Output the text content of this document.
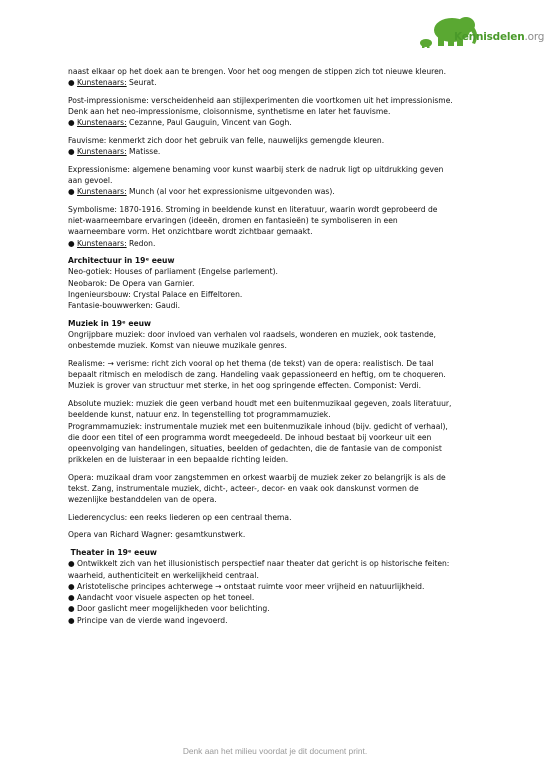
Kennisdelen.org
naast elkaar op het doek aan te brengen. Voor het oog mengen de stippen zich tot nieuwe kleuren.
● Kunstenaars: Seurat.
Post-impressionisme: verscheidenheid aan stijlexperimenten die voortkomen uit het impressionisme.
Denk aan het neo-impressionisme, cloisonnisme, synthetisme en later het fauvisme.
● Kunstenaars: Cezanne, Paul Gauguin, Vincent van Gogh.
Fauvisme: kenmerkt zich door het gebruik van felle, nauwelijks gemengde kleuren.
● Kunstenaars: Matisse.
Expressionisme: algemene benaming voor kunst waarbij sterk de nadruk ligt op uitdrukking geven
aan gevoel.
● Kunstenaars: Munch (al voor het expressionisme uitgevonden was).
Symbolisme: 1870-1916. Stroming in beeldende kunst en literatuur, waarin wordt geprobeerd de
niet-waarneembare ervaringen (ideeën, dromen en fantasieën) te symboliseren in een
waarneembare vorm. Het onzichtbare wordt zichtbaar gemaakt.
● Kunstenaars: Redon.
Architectuur in 19ᵉ eeuw
Neo-gotiek: Houses of parliament (Engelse parlement).
Neobarok: De Opera van Garnier.
Ingenieursbouw: Crystal Palace en Eiffeltoren.
Fantasie-bouwwerken: Gaudi.
Muziek in 19ᵉ eeuw
Ongrijpbare muziek: door invloed van verhalen vol raadsels, wonderen en muziek, ook tastende,
onbestemde muziek. Komst van nieuwe muzikale genres.
Realisme: → verisme: richt zich vooral op het thema (de tekst) van de opera: realistisch. De taal
bepaalt ritmisch en melodisch de zang. Handeling vaak gepassioneerd en heftig, om te choqueren.
Muziek is grover van structuur met sterke, in het oog springende effecten. Componist: Verdi.
Absolute muziek: muziek die geen verband houdt met een buitenmuzikaal gegeven, zoals literatuur,
beeldende kunst, natuur enz. In tegenstelling tot programmamuziek.
Programmamuziek: instrumentale muziek met een buitenmuzikale inhoud (bijv. gedicht of verhaal),
die door een titel of een programma wordt meegedeeld. De inhoud bestaat bij voorkeur uit een
opeenvolging van handelingen, situaties, beelden of gedachten, die de fantasie van de componist
prikkelen en de luisteraar in een bepaalde richting leiden.
Opera: muzikaal dram voor zangstemmen en orkest waarbij de muziek zeker zo belangrijk is als de
tekst. Zang, instrumentale muziek, dicht-, acteer-, decor- en vaak ook danskunst vormen de
wezenlijke bestanddelen van de opera.
Liederencyclus: een reeks liederen op een centraal thema.
Opera van Richard Wagner: gesamtkunstwerk.
Theater in 19ᵉ eeuw
● Ontwikkelt zich van het illusionistisch perspectief naar theater dat gericht is op historische feiten:
waarheid, authenticiteit en werkelijkheid centraal.
● Aristotelische principes achterwege → ontstaat ruimte voor meer vrijheid en natuurlijkheid.
● Aandacht voor visuele aspecten op het toneel.
● Door gaslicht meer mogelijkheden voor belichting.
● Principe van de vierde wand ingevoerd.
Denk aan het milieu voordat je dit document print.
